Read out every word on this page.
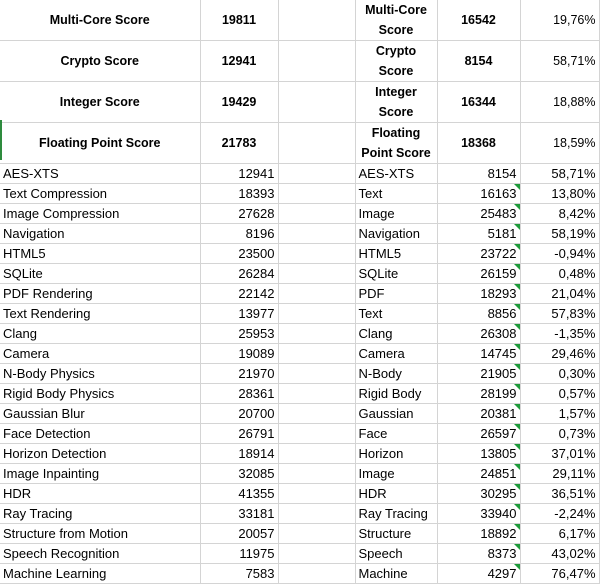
Multi-Core Score	19811		Multi-Core Score	16542	19,76%
Crypto Score	12941		Crypto Score	8154	58,71%
Integer Score	19429		Integer Score	16344	18,88%
Floating Point Score	21783		Floating Point Score	18368	18,59%
AES-XTS	12941		AES-XTS	8154	58,71%
Text Compression	18393		Text	16163	13,80%
Image Compression	27628		Image	25483	8,42%
Navigation	8196		Navigation	5181	58,19%
HTML5	23500		HTML5	23722	-0,94%
SQLite	26284		SQLite	26159	0,48%
PDF Rendering	22142		PDF	18293	21,04%
Text Rendering	13977		Text	8856	57,83%
Clang	25953		Clang	26308	-1,35%
Camera	19089		Camera	14745	29,46%
N-Body Physics	21970		N-Body	21905	0,30%
Rigid Body Physics	28361		Rigid Body	28199	0,57%
Gaussian Blur	20700		Gaussian	20381	1,57%
Face Detection	26791		Face	26597	0,73%
Horizon Detection	18914		Horizon	13805	37,01%
Image Inpainting	32085		Image	24851	29,11%
HDR	41355		HDR	30295	36,51%
Ray Tracing	33181		Ray Tracing	33940	-2,24%
Structure from Motion	20057		Structure	18892	6,17%
Speech Recognition	11975		Speech	8373	43,02%
Machine Learning	7583		Machine	4297	76,47%
